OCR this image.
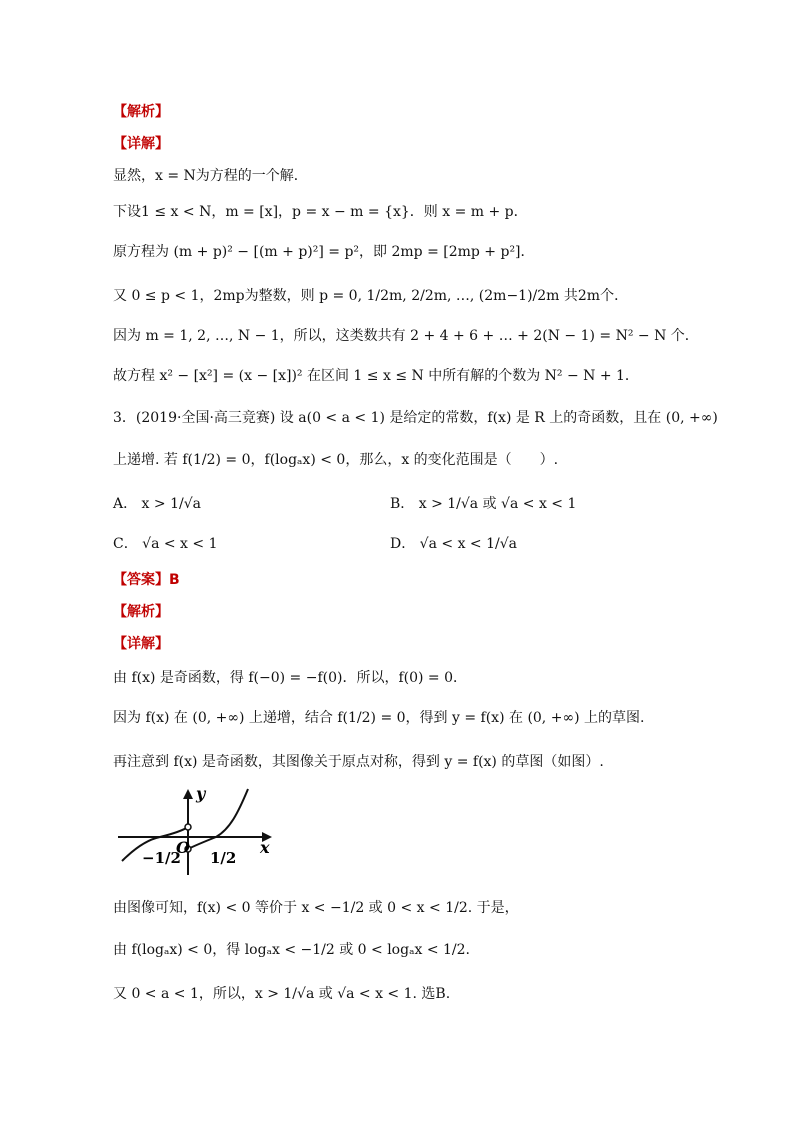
【解析】
【详解】
显然，x = N为方程的一个解．
下设1 ≤ x < N，m = [x]，p = x − m = {x}．则 x = m + p．
原方程为 (m + p)² − [(m + p)²] = p²，即 2mp = [2mp + p²]．
又 0 ≤ p < 1，2mp为整数，则 p = 0, 1/2m, 2/2m, …, (2m−1)/2m 共2m个．
因为 m = 1, 2, …, N − 1，所以，这类数共有 2 + 4 + 6 + … + 2(N − 1) = N² − N 个．
故方程 x² − [x²] = (x − [x])² 在区间 1 ≤ x ≤ N 中所有解的个数为 N² − N + 1．
3．(2019·全国·高三竞赛) 设 a(0 < a < 1) 是给定的常数，f(x) 是 R 上的奇函数，且在 (0, +∞)
上递增. 若 f(1/2) = 0，f(logₐx) < 0，那么，x 的变化范围是（　　）.
A． x > 1/√a	B． x > 1/√a 或 √a < x < 1
C． √a < x < 1	D． √a < x < 1/√a
【答案】B
【解析】
【详解】
由 f(x) 是奇函数，得 f(−0) = −f(0)．所以，f(0) = 0．
因为 f(x) 在 (0, +∞) 上递增，结合 f(1/2) = 0，得到 y = f(x) 在 (0, +∞) 上的草图.
再注意到 f(x) 是奇函数，其图像关于原点对称，得到 y = f(x) 的草图（如图）.
y
x
O
−1/2 1/2
由图像可知，f(x) < 0 等价于 x < −1/2 或 0 < x < 1/2. 于是，
由 f(logₐx) < 0，得 logₐx < −1/2 或 0 < logₐx < 1/2.
又 0 < a < 1，所以，x > 1/√a 或 √a < x < 1. 选B.
